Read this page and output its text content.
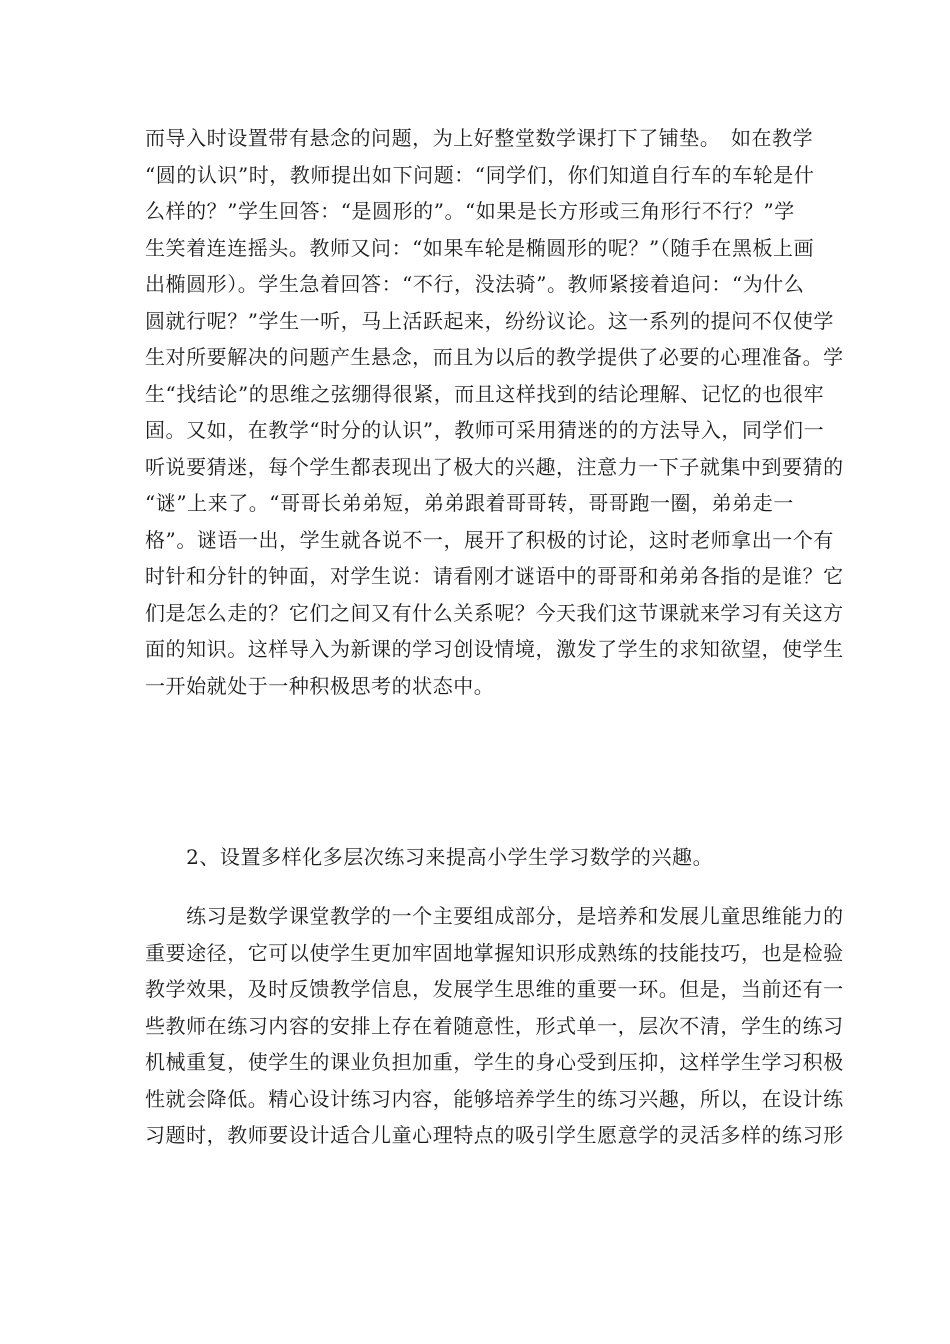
而导入时设置带有悬念的问题，为上好整堂数学课打下了铺垫。　如在教学
“圆的认识”时，教师提出如下问题：“同学们，你们知道自行车的车轮是什
么样的？”学生回答：“是圆形的”。“如果是长方形或三角形行不行？”学
生笑着连连摇头。教师又问：“如果车轮是椭圆形的呢？”（随手在黑板上画
出椭圆形）。学生急着回答：“不行，没法骑”。教师紧接着追问：“为什么
圆就行呢？”学生一听，马上活跃起来，纷纷议论。这一系列的提问不仅使学
生对所要解决的问题产生悬念，而且为以后的教学提供了必要的心理准备。学
生“找结论”的思维之弦绷得很紧，而且这样找到的结论理解、记忆的也很牢
固。又如，在教学“时分的认识”，教师可采用猜迷的的方法导入，同学们一
听说要猜迷，每个学生都表现出了极大的兴趣，注意力一下子就集中到要猜的
“谜”上来了。“哥哥长弟弟短，弟弟跟着哥哥转，哥哥跑一圈，弟弟走一
格”。谜语一出，学生就各说不一，展开了积极的讨论，这时老师拿出一个有
时针和分针的钟面，对学生说：请看刚才谜语中的哥哥和弟弟各指的是谁？它
们是怎么走的？它们之间又有什么关系呢？今天我们这节课就来学习有关这方
面的知识。这样导入为新课的学习创设情境，激发了学生的求知欲望，使学生
一开始就处于一种积极思考的状态中。
　　2、设置多样化多层次练习来提高小学生学习数学的兴趣。
　　练习是数学课堂教学的一个主要组成部分，是培养和发展儿童思维能力的
重要途径，它可以使学生更加牢固地掌握知识形成熟练的技能技巧，也是检验
教学效果，及时反馈教学信息，发展学生思维的重要一环。但是，当前还有一
些教师在练习内容的安排上存在着随意性，形式单一，层次不清，学生的练习
机械重复，使学生的课业负担加重，学生的身心受到压抑，这样学生学习积极
性就会降低。精心设计练习内容，能够培养学生的练习兴趣，所以，在设计练
习题时，教师要设计适合儿童心理特点的吸引学生愿意学的灵活多样的练习形
